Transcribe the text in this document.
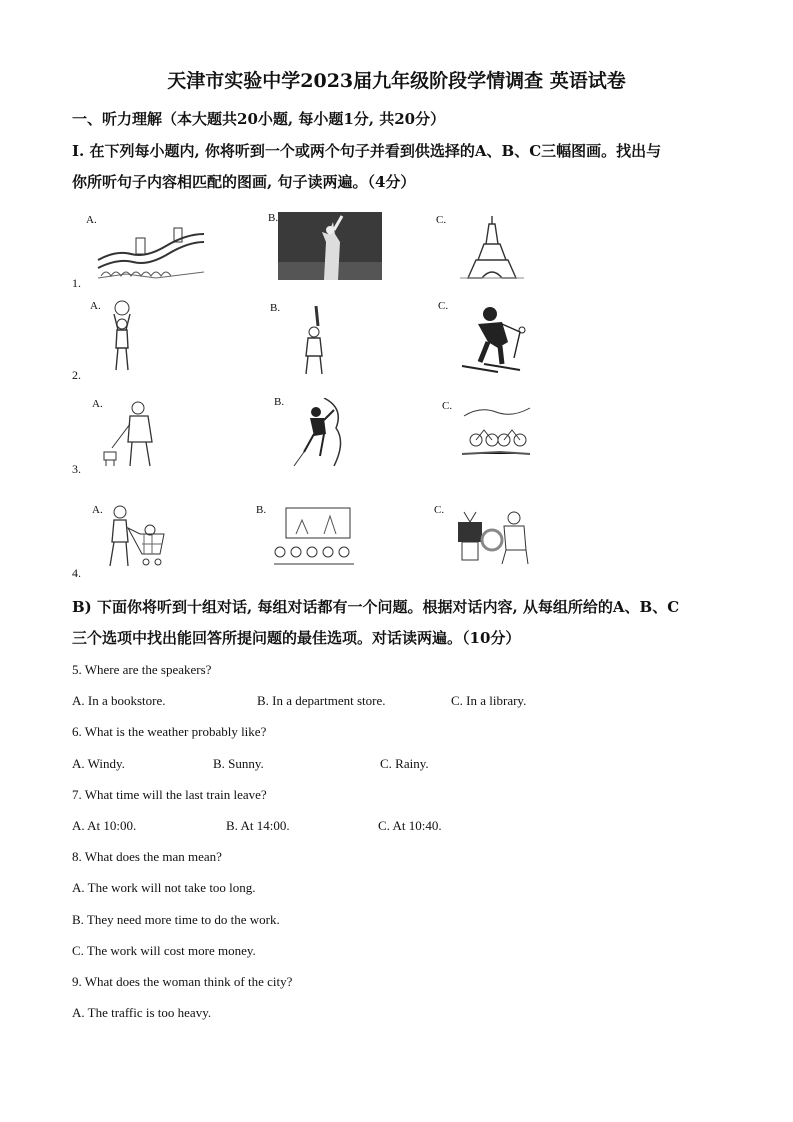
天津市实验中学2023届九年级阶段学情调查 英语试卷
一、听力理解（本大题共20小题, 每小题1分, 共20分）
Ⅰ. 在下列每小题内, 你将听到一个或两个句子并看到供选择的A、B、C三幅图画。找出与
你所听句子内容相匹配的图画, 句子读两遍。（4分）
1.
A.	B.	C.
2.
A.	B.	C.
3.
A.	B.	C.
4.
A.	B.	C.
B) 下面你将听到十组对话, 每组对话都有一个问题。根据对话内容, 从每组所给的A、B、C
三个选项中找出能回答所提问题的最佳选项。对话读两遍。（10分）
5. Where are the speakers?
A. In a bookstore.	B. In a department store.	C. In a library.
6. What is the weather probably like?
A. Windy.	B. Sunny.	C. Rainy.
7. What time will the last train leave?
A. At 10:00.	B. At 14:00.	C. At 10:40.
8. What does the man mean?
A. The work will not take too long.
B. They need more time to do the work.
C. The work will cost more money.
9. What does the woman think of the city?
A. The traffic is too heavy.
